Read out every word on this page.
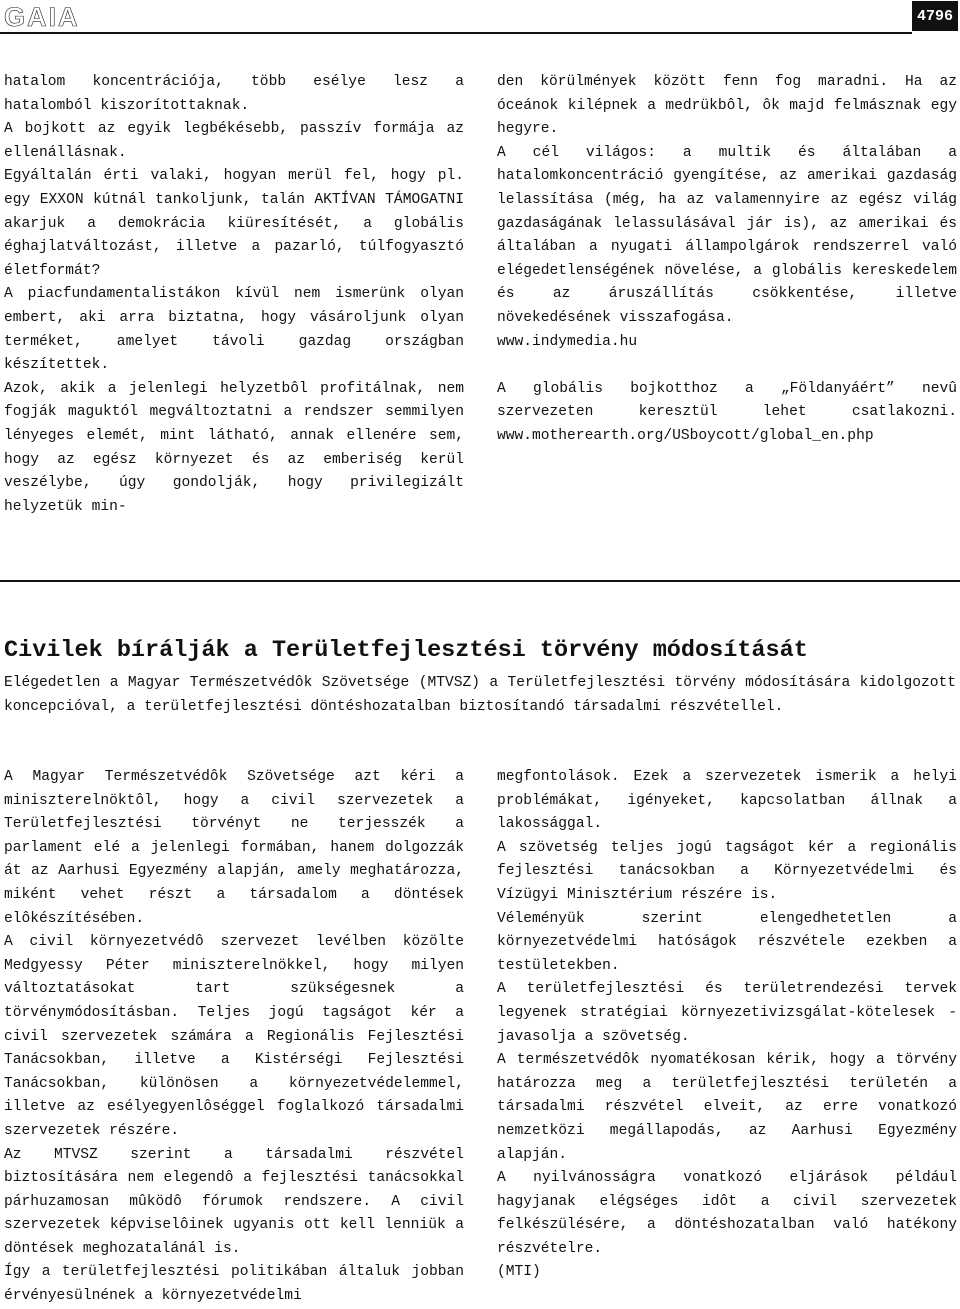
GAIA	4796

hatalom koncentrációja, több esélye lesz a hatalomból kiszorítottaknak.

A bojkott az egyik legbékésebb, passzív formája az ellenállásnak.

Egyáltalán érti valaki, hogyan merül fel, hogy pl. egy EXXON kútnál tankoljunk, talán AKTÍVAN TÁMOGATNI akarjuk a demokrácia kiüresítését, a globális éghajlatváltozást, illetve a pazarló, túlfogyasztó életformát?

A piacfundamentalistákon kívül nem ismerünk olyan embert, aki arra biztatna, hogy vásároljunk olyan terméket, amelyet távoli gazdag országban készítettek.

Azok, akik a jelenlegi helyzetbôl profitálnak, nem fogják maguktól megváltoztatni a rendszer semmilyen lényeges elemét, mint látható, annak ellenére sem, hogy az egész környezet és az emberiség kerül veszélybe, úgy gondolják, hogy privilegizált helyzetük min-

den körülmények között fenn fog maradni. Ha az óceánok kilépnek a medrükbôl, ôk majd felmásznak egy hegyre.

A cél világos: a multik és általában a hatalomkoncentráció gyengítése, az amerikai gazdaság lelassítása (még, ha az valamennyire az egész világ gazdaságának lelassulásával jár is), az amerikai és általában a nyugati állampolgárok rendszerrel való elégedetlenségének növelése, a globális kereskedelem és az áruszállítás csökkentése, illetve növekedésének visszafogása.

www.indymedia.hu

A globális bojkotthoz a „Földanyáért” nevû szervezeten keresztül lehet csatlakozni. www.motherearth.org/USboycott/global_en.php

Civilek bírálják a Területfejlesztési törvény módosítását
Elégedetlen a Magyar Természetvédôk Szövetsége (MTVSZ) a Területfejlesztési törvény módosítására kidolgozott koncepcióval, a területfejlesztési döntéshozatalban biztosítandó társadalmi részvétellel.

A Magyar Természetvédôk Szövetsége azt kéri a miniszterelnöktôl, hogy a civil szervezetek a Területfejlesztési törvényt ne terjesszék a parlament elé a jelenlegi formában, hanem dolgozzák át az Aarhusi Egyezmény alapján, amely meghatározza, miként vehet részt a társadalom a döntések elôkészítésében.

A civil környezetvédô szervezet levélben közölte Medgyessy Péter miniszterelnökkel, hogy milyen változtatásokat tart szükségesnek a törvénymódosításban. Teljes jogú tagságot kér a civil szervezetek számára a Regionális Fejlesztési Tanácsokban, illetve a Kistérségi Fejlesztési Tanácsokban, különösen a környezetvédelemmel, illetve az esélyegyenlôséggel foglalkozó társadalmi szervezetek részére.

Az MTVSZ szerint a társadalmi részvétel biztosítására nem elegendô a fejlesztési tanácsokkal párhuzamosan mûködô fórumok rendszere. A civil szervezetek képviselôinek ugyanis ott kell lenniük a döntések meghozatalánál is.

Így a területfejlesztési politikában általuk jobban érvényesülnének a környezetvédelmi

megfontolások. Ezek a szervezetek ismerik a helyi problémákat, igényeket, kapcsolatban állnak a lakossággal.

A szövetség teljes jogú tagságot kér a regionális fejlesztési tanácsokban a Környezetvédelmi és Vízügyi Minisztérium részére is.

Véleményük szerint elengedhetetlen a környezetvédelmi hatóságok részvétele ezekben a testületekben.

A területfejlesztési és területrendezési tervek legyenek stratégiai környezetivizsgálat-kötelesek - javasolja a szövetség.

A természetvédôk nyomatékosan kérik, hogy a törvény határozza meg a területfejlesztési területén a társadalmi részvétel elveit, az erre vonatkozó nemzetközi megállapodás, az Aarhusi Egyezmény alapján.

A nyilvánosságra vonatkozó eljárások például hagyjanak elégséges idôt a civil szervezetek felkészülésére, a döntéshozatalban való hatékony részvételre.

(MTI)
